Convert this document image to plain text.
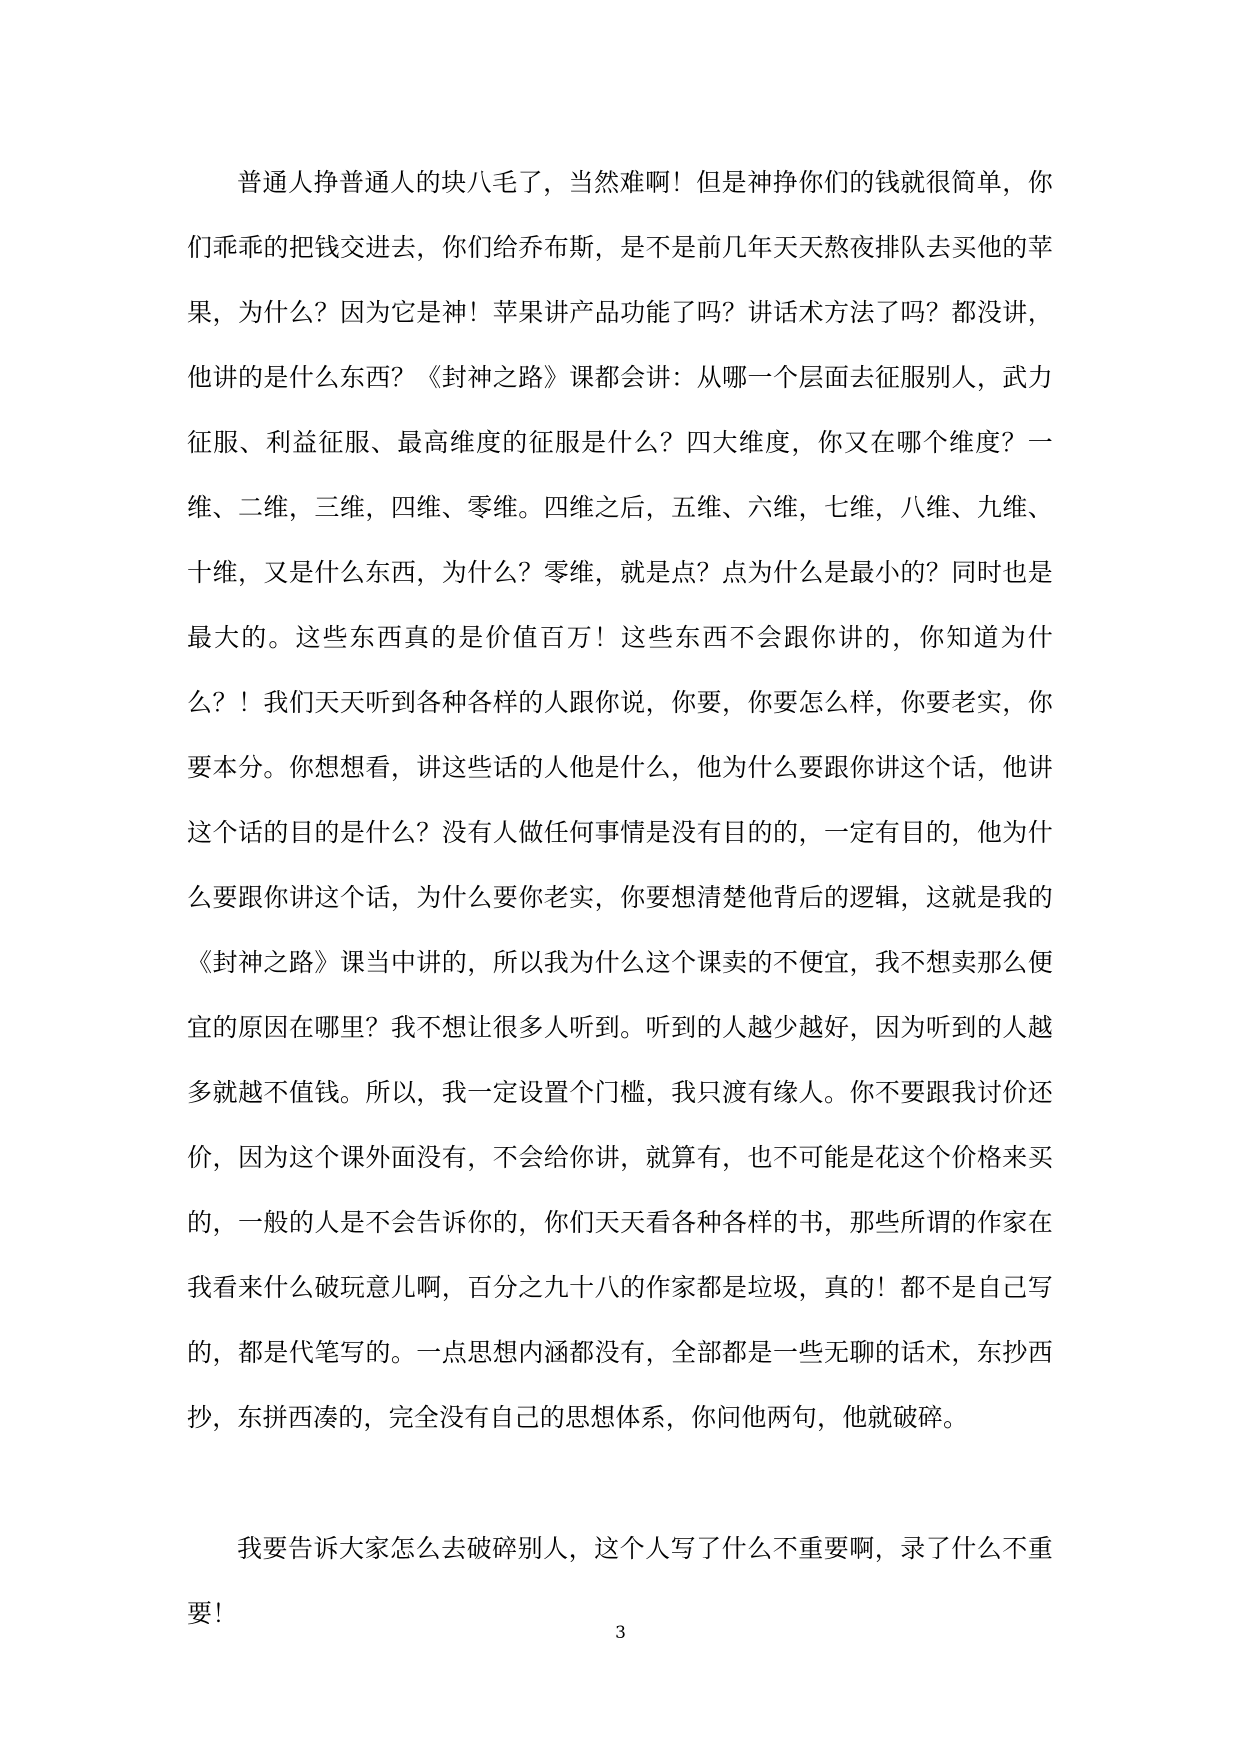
普通人挣普通人的块八毛了，当然难啊！但是神挣你们的钱就很简单，你们乖乖的把钱交进去，你们给乔布斯，是不是前几年天天熬夜排队去买他的苹果，为什么？因为它是神！苹果讲产品功能了吗？讲话术方法了吗？都没讲，他讲的是什么东西？《封神之路》课都会讲：从哪一个层面去征服别人，武力征服、利益征服、最高维度的征服是什么？四大维度，你又在哪个维度？一维、二维，三维，四维、零维。四维之后，五维、六维，七维，八维、九维、十维，又是什么东西，为什么？零维，就是点？点为什么是最小的？同时也是最大的。这些东西真的是价值百万！这些东西不会跟你讲的，你知道为什么？！我们天天听到各种各样的人跟你说，你要，你要怎么样，你要老实，你要本分。你想想看，讲这些话的人他是什么，他为什么要跟你讲这个话，他讲这个话的目的是什么？没有人做任何事情是没有目的的，一定有目的，他为什么要跟你讲这个话，为什么要你老实，你要想清楚他背后的逻辑，这就是我的《封神之路》课当中讲的，所以我为什么这个课卖的不便宜，我不想卖那么便宜的原因在哪里？我不想让很多人听到。听到的人越少越好，因为听到的人越多就越不值钱。所以，我一定设置个门槛，我只渡有缘人。你不要跟我讨价还价，因为这个课外面没有，不会给你讲，就算有，也不可能是花这个价格来买的，一般的人是不会告诉你的，你们天天看各种各样的书，那些所谓的作家在我看来什么破玩意儿啊，百分之九十八的作家都是垃圾，真的！都不是自己写的，都是代笔写的。一点思想内涵都没有，全部都是一些无聊的话术，东抄西抄，东拼西凑的，完全没有自己的思想体系，你问他两句，他就破碎。

我要告诉大家怎么去破碎别人，这个人写了什么不重要啊，录了什么不重要！

3
